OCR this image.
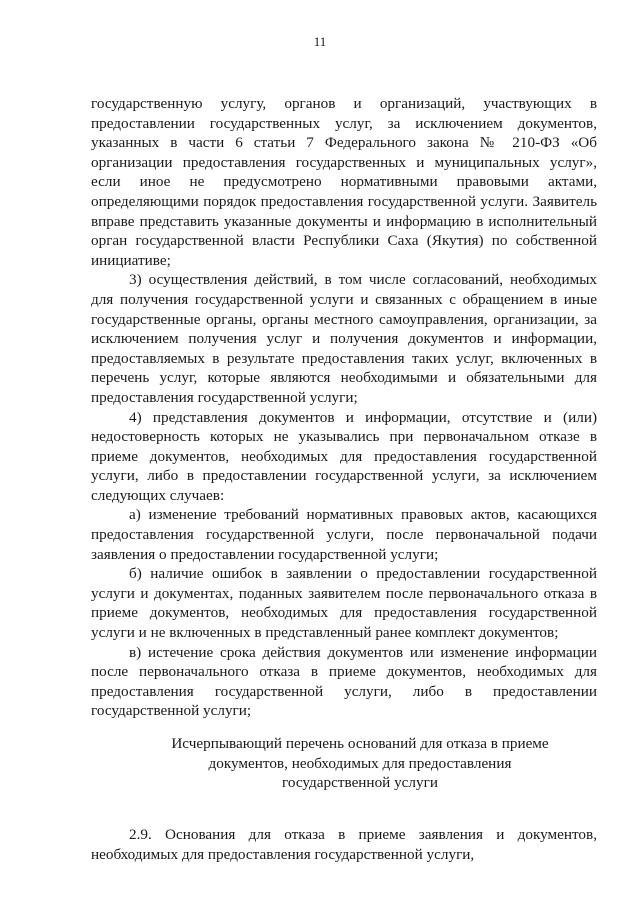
11

государственную услугу, органов и организаций, участвующих в предоставлении государственных услуг, за исключением документов, указанных в части 6 статьи 7 Федерального закона № 210-ФЗ «Об организации предоставления государственных и муниципальных услуг», если иное не предусмотрено нормативными правовыми актами, определяющими порядок предоставления государственной услуги. Заявитель вправе представить указанные документы и информацию в исполнительный орган государственной власти Республики Саха (Якутия) по собственной инициативе;

3) осуществления действий, в том числе согласований, необходимых для получения государственной услуги и связанных с обращением в иные государственные органы, органы местного самоуправления, организации, за исключением получения услуг и получения документов и информации, предоставляемых в результате предоставления таких услуг, включенных в перечень услуг, которые являются необходимыми и обязательными для предоставления государственной услуги;

4) представления документов и информации, отсутствие и (или) недостоверность которых не указывались при первоначальном отказе в приеме документов, необходимых для предоставления государственной услуги, либо в предоставлении государственной услуги, за исключением следующих случаев:

а) изменение требований нормативных правовых актов, касающихся предоставления государственной услуги, после первоначальной подачи заявления о предоставлении государственной услуги;

б) наличие ошибок в заявлении о предоставлении государственной услуги и документах, поданных заявителем после первоначального отказа в приеме документов, необходимых для предоставления государственной услуги и не включенных в представленный ранее комплект документов;

в) истечение срока действия документов или изменение информации после первоначального отказа в приеме документов, необходимых для предоставления государственной услуги, либо в предоставлении государственной услуги;

Исчерпывающий перечень оснований для отказа в приеме
документов, необходимых для предоставления
государственной услуги

2.9. Основания для отказа в приеме заявления и документов, необходимых для предоставления государственной услуги,
